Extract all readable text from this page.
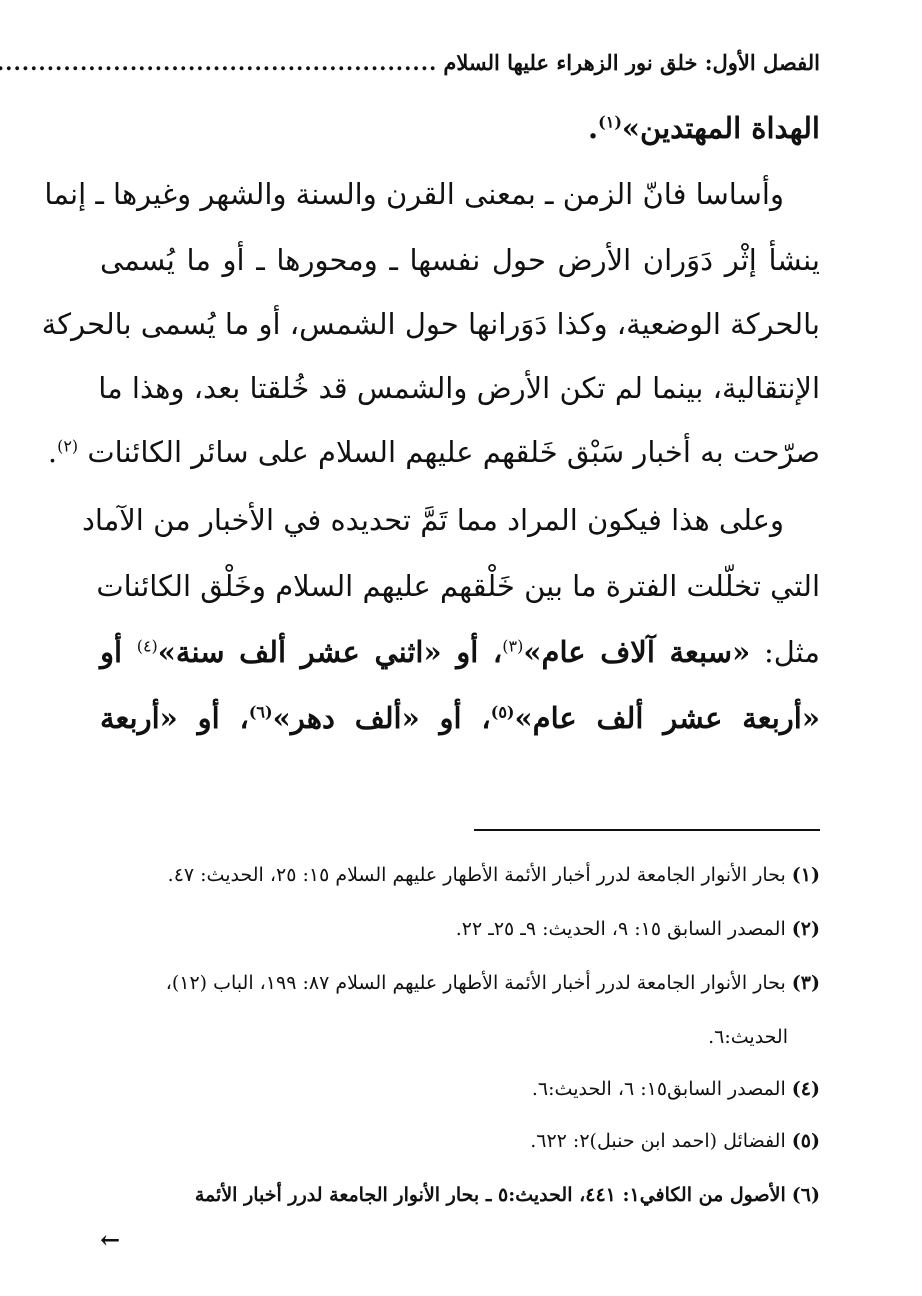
الفصل الأول: خلق نور الزهراء عليها السلام
.....
الهداة المهتدين»$^{(١)}$.
وأساسا فانّ الزمن ـ بمعنى القرن والسنة والشهر وغيرها ـ إنما
ينشأ إثْر دَوَران الأرض حول نفسها ـ ومحورها ـ أو ما يُسمى
بالحركة الوضعية، وكذا دَوَرانها حول الشمس، أو ما يُسمى بالحركة
الإنتقالية، بينما لم تكن الأرض والشمس قد خُلقتا بعد، وهذا ما
صرّحت به أخبار سَبْق خَلقهم عليهم السلام على سائر الكائنات $^{(٢)}$.
وعلى هذا فيكون المراد مما تَمَّ تحديده في الأخبار من الآماد
التي تخلّلت الفترة ما بين خَلْقهم عليهم السلام وخَلْق الكائنات
مثل: «سبعة آلاف عام»$^{(٣)}$، أو «اثني عشر ألف سنة»$^{(٤)}$ أو
«أربعة عشر ألف عام»$^{(٥)}$، أو «ألف دهر»$^{(٦)}$، أو «أربعة
(١) بحار الأنوار الجامعة لدرر أخبار الأئمة الأطهار عليهم السلام ١٥: ٢٥، الحديث: ٤٧.
(٢) المصدر السابق ١٥: ٩، الحديث: ٩ـ ٢٥ـ ٢٢.
(٣) بحار الأنوار الجامعة لدرر أخبار الأئمة الأطهار عليهم السلام ٨٧: ١٩٩، الباب (١٢)،
الحديث:٦.
(٤) المصدر السابق١٥: ٦، الحديث:٦.
(٥) الفضائل (احمد ابن حنبل)٢: ٦٢٢.
(٦) الأصول من الكافي١: ٤٤١، الحديث:٥ ـ بحار الأنوار الجامعة لدرر أخبار الأئمة
←
